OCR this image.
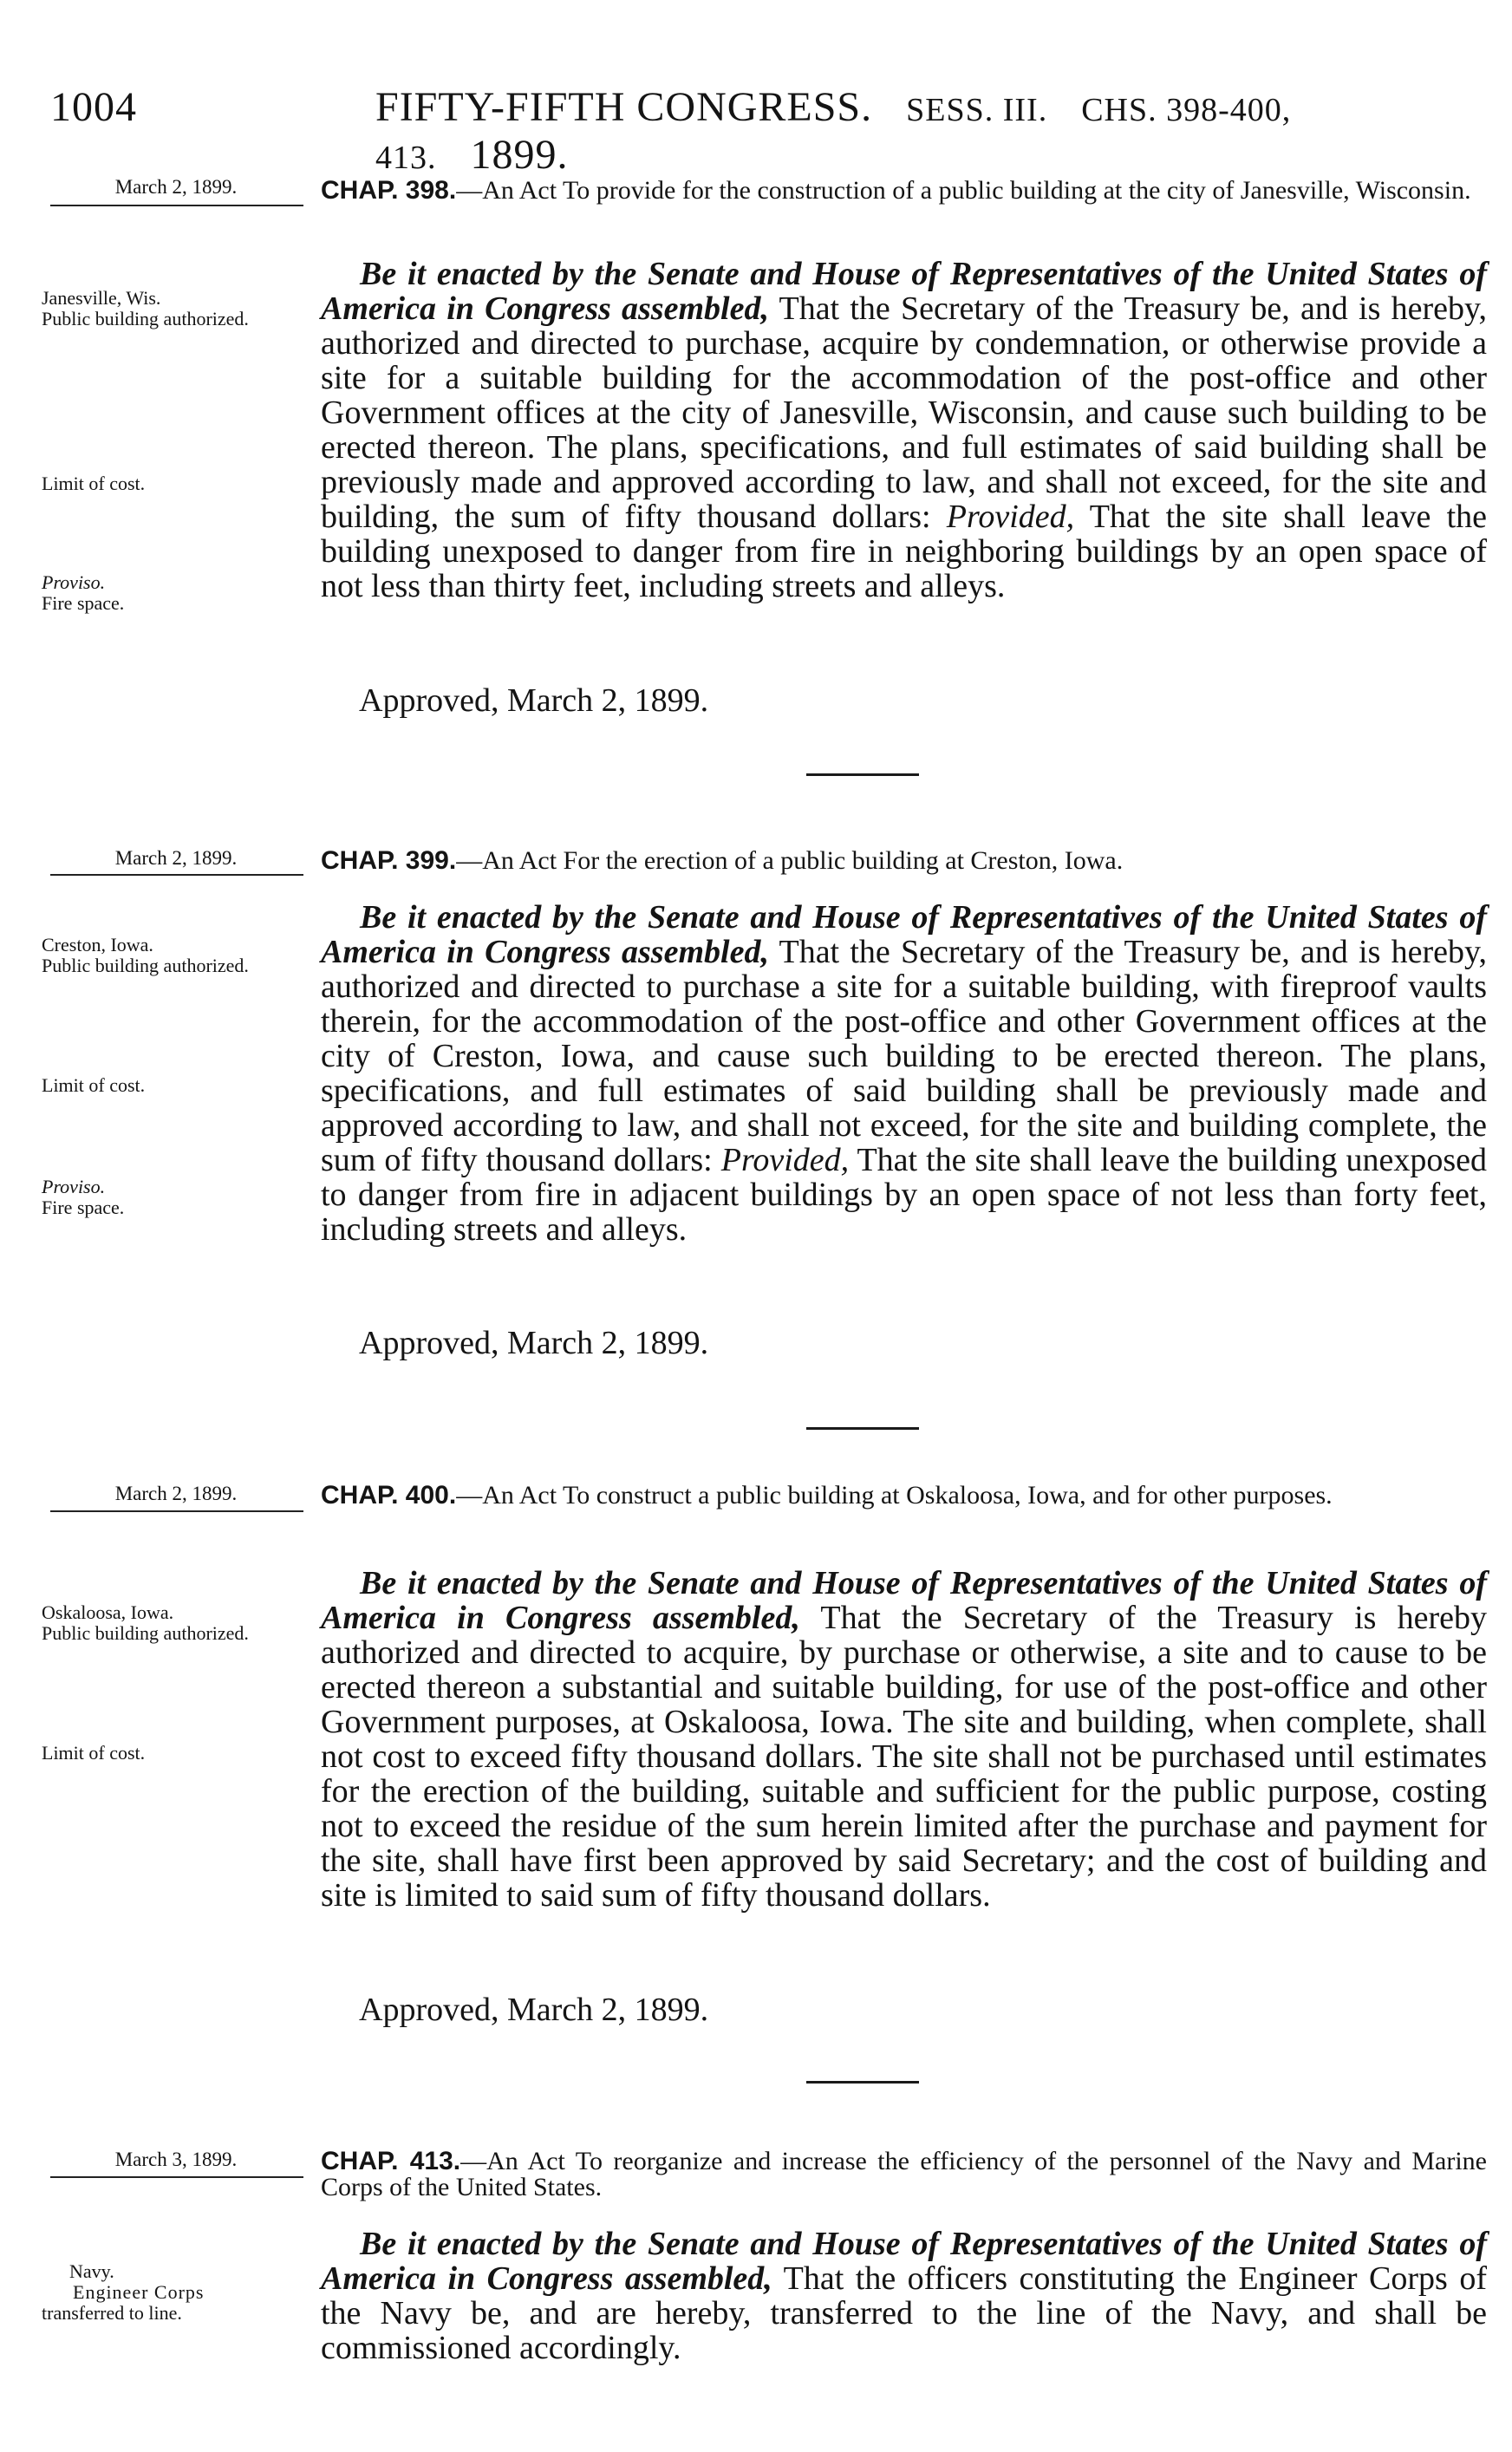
1004	FIFTY-FIFTH CONGRESS. SESS. III. CHS. 398-400, 413. 1899.
March 2, 1899.	CHAP. 398.—An Act To provide for the construction of a public building at the city of Janesville, Wisconsin.
Janesville, Wis.
Public building authorized.
Limit of cost.
Proviso.
Fire space.
Be it enacted by the Senate and House of Representatives of the United States of America in Congress assembled, That the Secretary of the Treasury be, and is hereby, authorized and directed to purchase, acquire by condemnation, or otherwise provide a site for a suitable building for the accommodation of the post-office and other Government offices at the city of Janesville, Wisconsin, and cause such building to be erected thereon. The plans, specifications, and full estimates of said building shall be previously made and approved according to law, and shall not exceed, for the site and building, the sum of fifty thousand dollars: Provided, That the site shall leave the building unexposed to danger from fire in neighboring buildings by an open space of not less than thirty feet, including streets and alleys.
Approved, March 2, 1899.
March 2, 1899.	CHAP. 399.—An Act For the erection of a public building at Creston, Iowa.
Creston, Iowa.
Public building authorized.
Limit of cost.
Proviso.
Fire space.
Be it enacted by the Senate and House of Representatives of the United States of America in Congress assembled, That the Secretary of the Treasury be, and is hereby, authorized and directed to purchase a site for a suitable building, with fireproof vaults therein, for the accommodation of the post-office and other Government offices at the city of Creston, Iowa, and cause such building to be erected thereon. The plans, specifications, and full estimates of said building shall be previously made and approved according to law, and shall not exceed, for the site and building complete, the sum of fifty thousand dollars: Provided, That the site shall leave the building unexposed to danger from fire in adjacent buildings by an open space of not less than forty feet, including streets and alleys.
Approved, March 2, 1899.
March 2, 1899.	CHAP. 400.—An Act To construct a public building at Oskaloosa, Iowa, and for other purposes.
Oskaloosa, Iowa.
Public building authorized.
Limit of cost.
Be it enacted by the Senate and House of Representatives of the United States of America in Congress assembled, That the Secretary of the Treasury is hereby authorized and directed to acquire, by purchase or otherwise, a site and to cause to be erected thereon a substantial and suitable building, for use of the post-office and other Government purposes, at Oskaloosa, Iowa. The site and building, when complete, shall not cost to exceed fifty thousand dollars. The site shall not be purchased until estimates for the erection of the building, suitable and sufficient for the public purpose, costing not to exceed the residue of the sum herein limited after the purchase and payment for the site, shall have first been approved by said Secretary; and the cost of building and site is limited to said sum of fifty thousand dollars.
Approved, March 2, 1899.
March 3, 1899.	CHAP. 413.—An Act To reorganize and increase the efficiency of the personnel of the Navy and Marine Corps of the United States.
Navy.
Engineer Corps
transferred to line.
Be it enacted by the Senate and House of Representatives of the United States of America in Congress assembled, That the officers constituting the Engineer Corps of the Navy be, and are hereby, transferred to the line of the Navy, and shall be commissioned accordingly.
